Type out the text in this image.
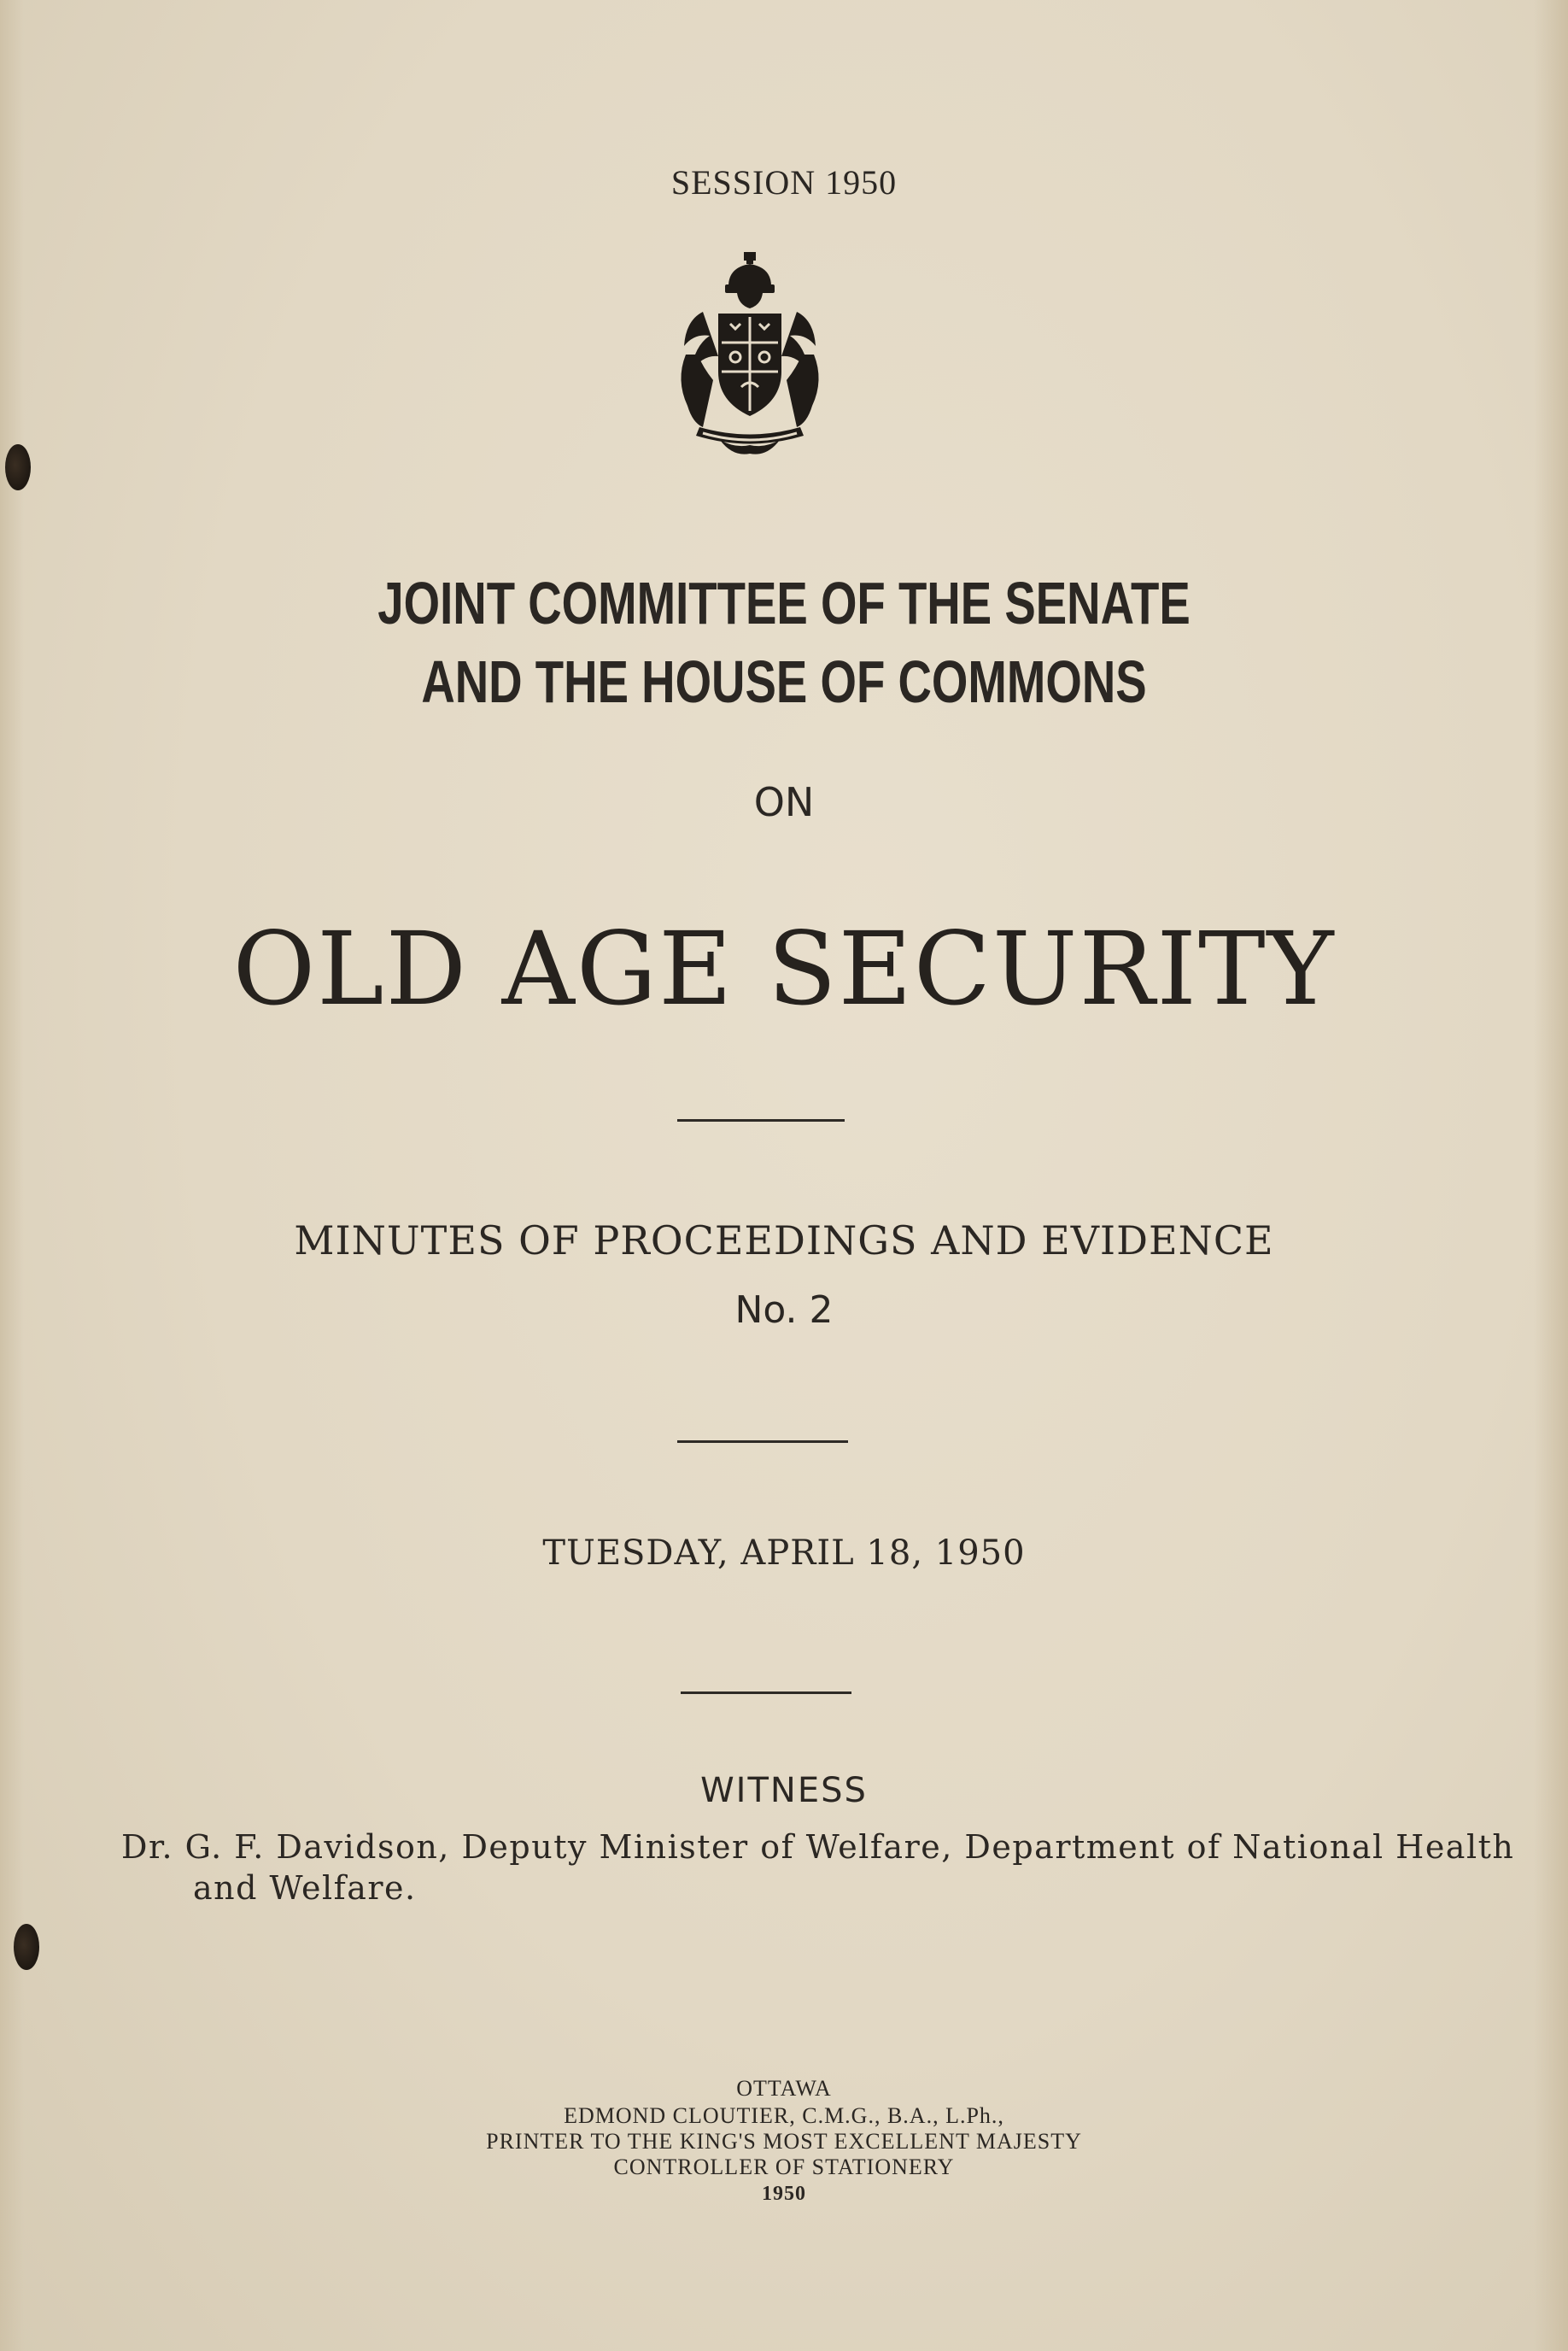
SESSION 1950
JOINT COMMITTEE OF THE SENATE
AND THE HOUSE OF COMMONS
ON
OLD AGE SECURITY
MINUTES OF PROCEEDINGS AND EVIDENCE
No. 2
TUESDAY, APRIL 18, 1950
WITNESS
Dr. G. F. Davidson, Deputy Minister of Welfare, Department of National Health and Welfare.
OTTAWA
EDMOND CLOUTIER, C.M.G., B.A., L.Ph.,
PRINTER TO THE KING'S MOST EXCELLENT MAJESTY
CONTROLLER OF STATIONERY
1950
